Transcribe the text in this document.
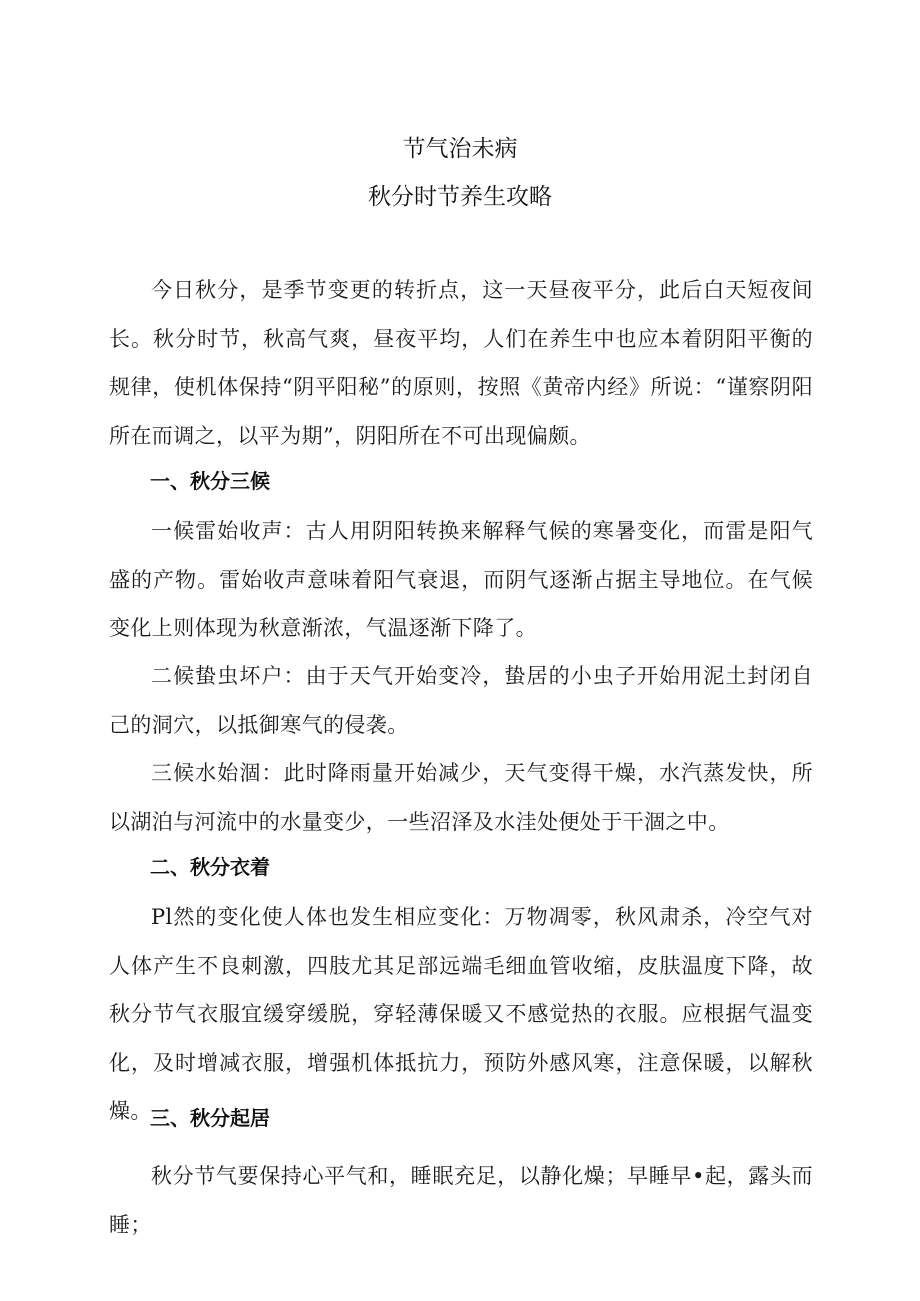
节气治未病
秋分时节养生攻略

今日秋分，是季节变更的转折点，这一天昼夜平分，此后白天短夜间长。秋分时节，秋高气爽，昼夜平均，人们在养生中也应本着阴阳平衡的规律，使机体保持“阴平阳秘”的原则，按照《黄帝内经》所说：“谨察阴阳所在而调之，以平为期”，阴阳所在不可出现偏颇。

一、秋分三候

一候雷始收声：古人用阴阳转换来解释气候的寒暑变化，而雷是阳气盛的产物。雷始收声意味着阳气衰退，而阴气逐渐占据主导地位。在气候变化上则体现为秋意渐浓，气温逐渐下降了。

二候蛰虫坏户：由于天气开始变冷，蛰居的小虫子开始用泥土封闭自己的洞穴，以抵御寒气的侵袭。

三候水始涸：此时降雨量开始减少，天气变得干燥，水汽蒸发快，所以湖泊与河流中的水量变少，一些沼泽及水洼处便处于干涸之中。

二、秋分衣着

Pl然的变化使人体也发生相应变化：万物凋零，秋风肃杀，冷空气对人体产生不良刺激，四肢尤其足部远端毛细血管收缩，皮肤温度下降，故秋分节气衣服宜缓穿缓脱，穿轻薄保暖又不感觉热的衣服。应根据气温变化，及时增减衣服，增强机体抵抗力，预防外感风寒，注意保暖，以解秋燥。

三、秋分起居

秋分节气要保持心平气和，睡眠充足，以静化燥；早睡早•起，露头而睡；
